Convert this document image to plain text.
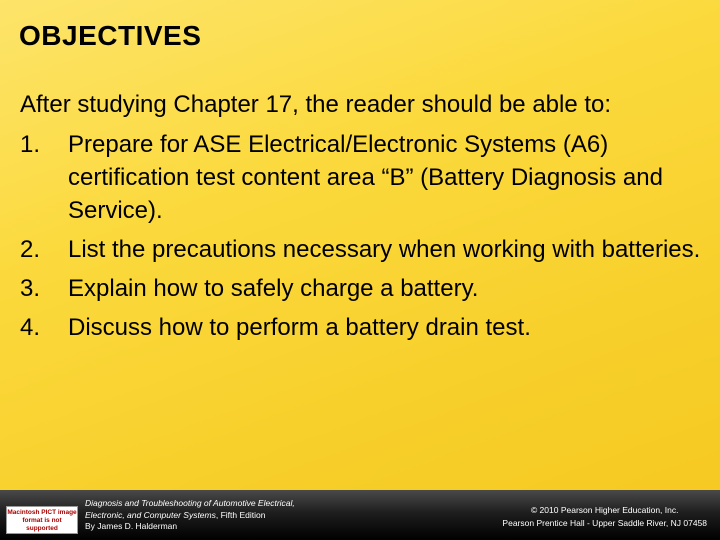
OBJECTIVES
After studying Chapter 17, the reader should be able to:
1. Prepare for ASE Electrical/Electronic Systems (A6) certification test content area “B” (Battery Diagnosis and Service).
2. List the precautions necessary when working with batteries.
3. Explain how to safely charge a battery.
4. Discuss how to perform a battery drain test.
Macintosh PICT image format is not supported
Diagnosis and Troubleshooting of Automotive Electrical,
Electronic, and Computer Systems, Fifth Edition
By James D. Halderman
© 2010 Pearson Higher Education, Inc.
Pearson Prentice Hall - Upper Saddle River, NJ 07458
